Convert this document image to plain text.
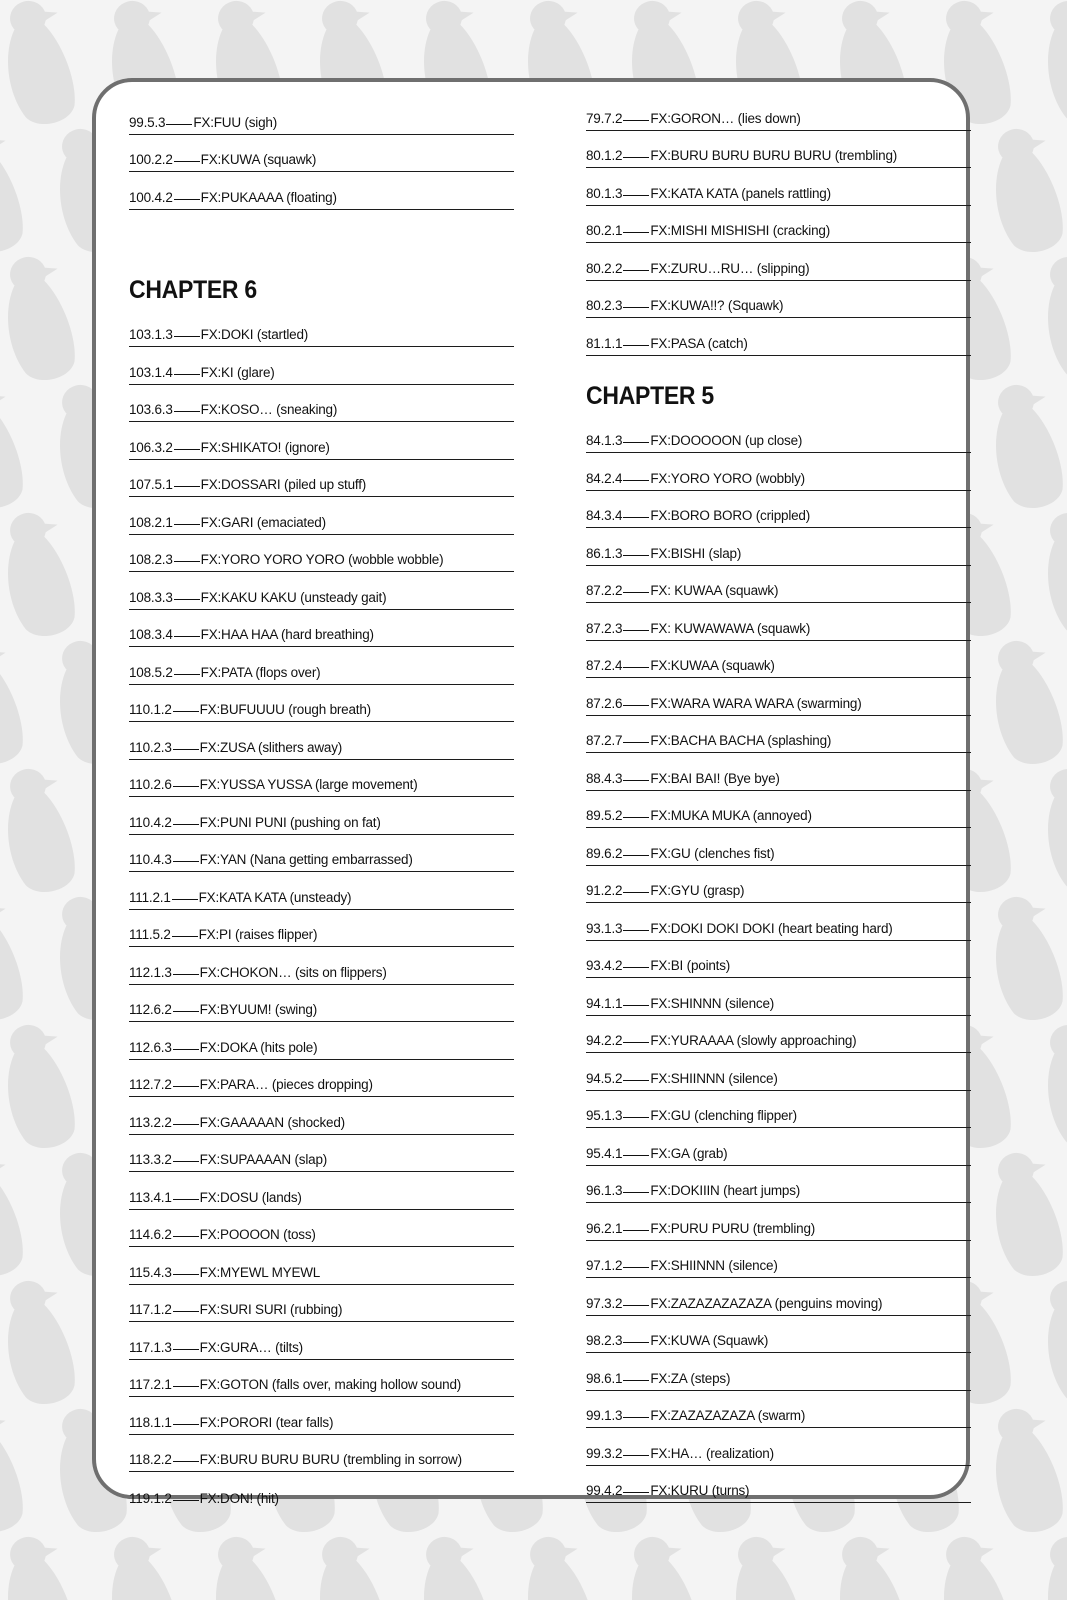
99.5.3 FX:FUU (sigh)
100.2.2 FX:KUWA (squawk)
100.4.2 FX:PUKAAAA (floating)
CHAPTER 6
103.1.3 FX:DOKI (startled)
103.1.4 FX:KI (glare)
103.6.3 FX:KOSO… (sneaking)
106.3.2 FX:SHIKATO! (ignore)
107.5.1 FX:DOSSARI (piled up stuff)
108.2.1 FX:GARI (emaciated)
108.2.3 FX:YORO YORO YORO (wobble wobble)
108.3.3 FX:KAKU KAKU (unsteady gait)
108.3.4 FX:HAA HAA (hard breathing)
108.5.2 FX:PATA (flops over)
110.1.2 FX:BUFUUUU (rough breath)
110.2.3 FX:ZUSA (slithers away)
110.2.6 FX:YUSSA YUSSA (large movement)
110.4.2 FX:PUNI PUNI (pushing on fat)
110.4.3 FX:YAN (Nana getting embarrassed)
111.2.1 FX:KATA KATA (unsteady)
111.5.2 FX:PI (raises flipper)
112.1.3 FX:CHOKON… (sits on flippers)
112.6.2 FX:BYUUM! (swing)
112.6.3 FX:DOKA (hits pole)
112.7.2 FX:PARA… (pieces dropping)
113.2.2 FX:GAAAAAN (shocked)
113.3.2 FX:SUPAAAAN (slap)
113.4.1 FX:DOSU (lands)
114.6.2 FX:POOOON (toss)
115.4.3 FX:MYEWL MYEWL
117.1.2 FX:SURI SURI (rubbing)
117.1.3 FX:GURA… (tilts)
117.2.1 FX:GOTON (falls over, making hollow sound)
118.1.1 FX:PORORI (tear falls)
118.2.2 FX:BURU BURU BURU (trembling in sorrow)
119.1.2 FX:DON! (hit)
79.7.2 FX:GORON… (lies down)
80.1.2 FX:BURU BURU BURU BURU (trembling)
80.1.3 FX:KATA KATA (panels rattling)
80.2.1 FX:MISHI MISHISHI (cracking)
80.2.2 FX:ZURU…RU… (slipping)
80.2.3 FX:KUWA!!? (Squawk)
81.1.1 FX:PASA (catch)
CHAPTER 5
84.1.3 FX:DOOOOON (up close)
84.2.4 FX:YORO YORO (wobbly)
84.3.4 FX:BORO BORO (crippled)
86.1.3 FX:BISHI (slap)
87.2.2 FX: KUWAA (squawk)
87.2.3 FX: KUWAWAWA (squawk)
87.2.4 FX:KUWAA (squawk)
87.2.6 FX:WARA WARA WARA (swarming)
87.2.7 FX:BACHA BACHA (splashing)
88.4.3 FX:BAI BAI! (Bye bye)
89.5.2 FX:MUKA MUKA (annoyed)
89.6.2 FX:GU (clenches fist)
91.2.2 FX:GYU (grasp)
93.1.3 FX:DOKI DOKI DOKI (heart beating hard)
93.4.2 FX:BI (points)
94.1.1 FX:SHINNN (silence)
94.2.2 FX:YURAAAA (slowly approaching)
94.5.2 FX:SHIINNN (silence)
95.1.3 FX:GU (clenching flipper)
95.4.1 FX:GA (grab)
96.1.3 FX:DOKIIIN (heart jumps)
96.2.1 FX:PURU PURU (trembling)
97.1.2 FX:SHIINNN (silence)
97.3.2 FX:ZAZAZAZAZAZA (penguins moving)
98.2.3 FX:KUWA (Squawk)
98.6.1 FX:ZA (steps)
99.1.3 FX:ZAZAZAZAZA (swarm)
99.3.2 FX:HA… (realization)
99.4.2 FX:KURU (turns)
